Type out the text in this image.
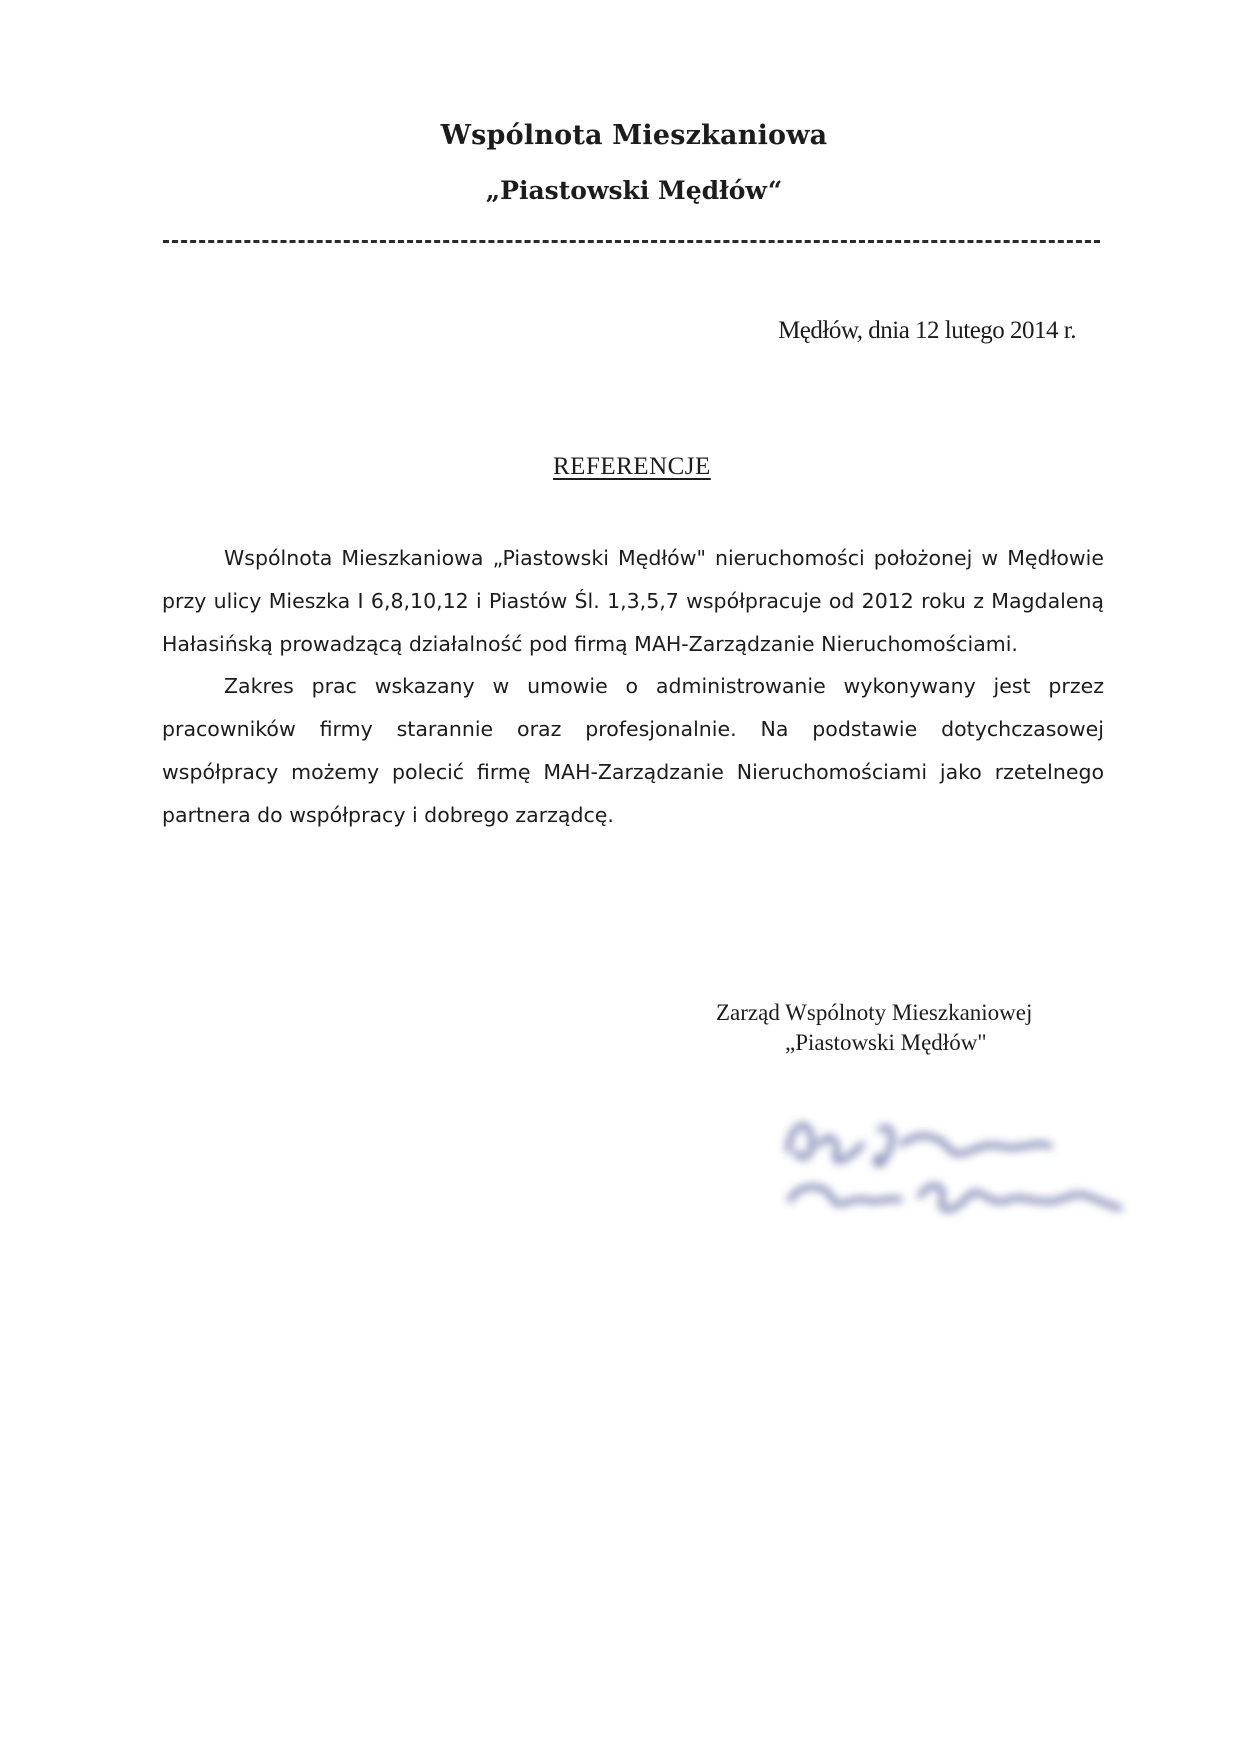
Wspólnota Mieszkaniowa
„Piastowski Mędłów“
Mędłów, dnia 12 lutego 2014 r.
REFERENCJE

Wspólnota Mieszkaniowa „Piastowski Mędłów" nieruchomości położonej w Mędłowie przy ulicy Mieszka I 6,8,10,12 i Piastów Śl. 1,3,5,7 współpracuje od 2012 roku z Magdaleną Hałasińską prowadzącą działalność pod firmą MAH-Zarządzanie Nieruchomościami.

Zakres prac wskazany w umowie o administrowanie wykonywany jest przez pracowników firmy starannie oraz profesjonalnie. Na podstawie dotychczasowej współpracy możemy polecić firmę MAH-Zarządzanie Nieruchomościami jako rzetelnego partnera do współpracy i dobrego zarządcę.

Zarząd Wspólnoty Mieszkaniowej
„Piastowski Mędłów"
